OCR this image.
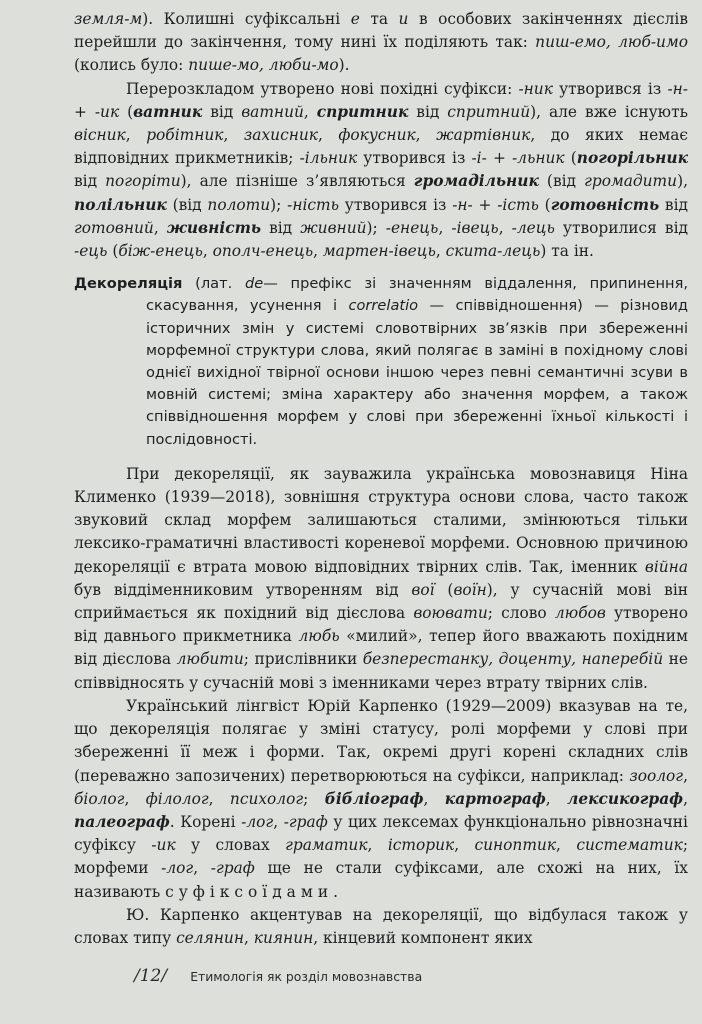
земля-м). Колишні суфіксальні е та и в особових закінченнях дієслів перейшли до закінчення, тому нині їх поділяють так: пиш-емо, люб-имо (колись було: пише-мо, люби-мо).

Перерозкладом утворено нові похідні суфікси: -ник утворився із -н- + -ик (ватник від ватний, спритник від спритний), але вже існують вісник, робітник, захисник, фокусник, жартівник, до яких немає відповідних прикметників; -ільник утворився із -і- + -льник (погорільник від погоріти), але пізніше з’являються громадільник (від громадити), полільник (від полоти); -ність утворився із -н- + -ість (готовність від готовний, живність від живний); -енець, -івець, -лець утворилися від -ець (біж-енець, ополч-енець, мартен-івець, скита-лець) та ін.

Декореляція (лат. de— префікс зі значенням віддалення, припинення, скасування, усунення і correlatio — співвідношення) — різновид історичних змін у системі словотвірних зв’язків при збереженні морфемної структури слова, який полягає в заміні в похідному слові однієї вихідної твірної основи іншою через певні семантичні зсуви в мовній системі; зміна характеру або значення морфем, а також співвідношення морфем у слові при збереженні їхньої кількості і послідовності.

При декореляції, як зауважила українська мовознавиця Ніна Клименко (1939—2018), зовнішня структура основи слова, часто також звуковий склад морфем залишаються сталими, змінюються тільки лексико-граматичні властивості кореневої морфеми. Основною причиною декореляції є втрата мовою відповідних твірних слів. Так, іменник війна був віддіменниковим утворенням від вої (воїн), у сучасній мові він сприймається як похідний від дієслова воювати; слово любов утворено від давнього прикметника любь «милий», тепер його вважають похідним від дієслова любити; прислівники безперестанку, доценту, наперебій не співвідносять у сучасній мові з іменниками через втрату твірних слів.

Український лінгвіст Юрій Карпенко (1929—2009) вказував на те, що декореляція полягає у зміні статусу, ролі морфеми у слові при збереженні її меж і форми. Так, окремі другі корені складних слів (переважно запозичених) перетворюються на суфікси, наприклад: зоолог, біолог, філолог, психолог; бібліограф, картограф, лексикограф, палеограф. Корені -лог, -граф у цих лексемах функціонально рівнозначні суфіксу -ик у словах граматик, історик, синоптик, систематик; морфеми -лог, -граф ще не стали суфіксами, але схожі на них, їх називають суфіксоїдами.

Ю. Карпенко акцентував на декореляції, що відбулася також у словах типу селянин, киянин, кінцевий компонент яких

/12/ Етимологія як розділ мовознавства
